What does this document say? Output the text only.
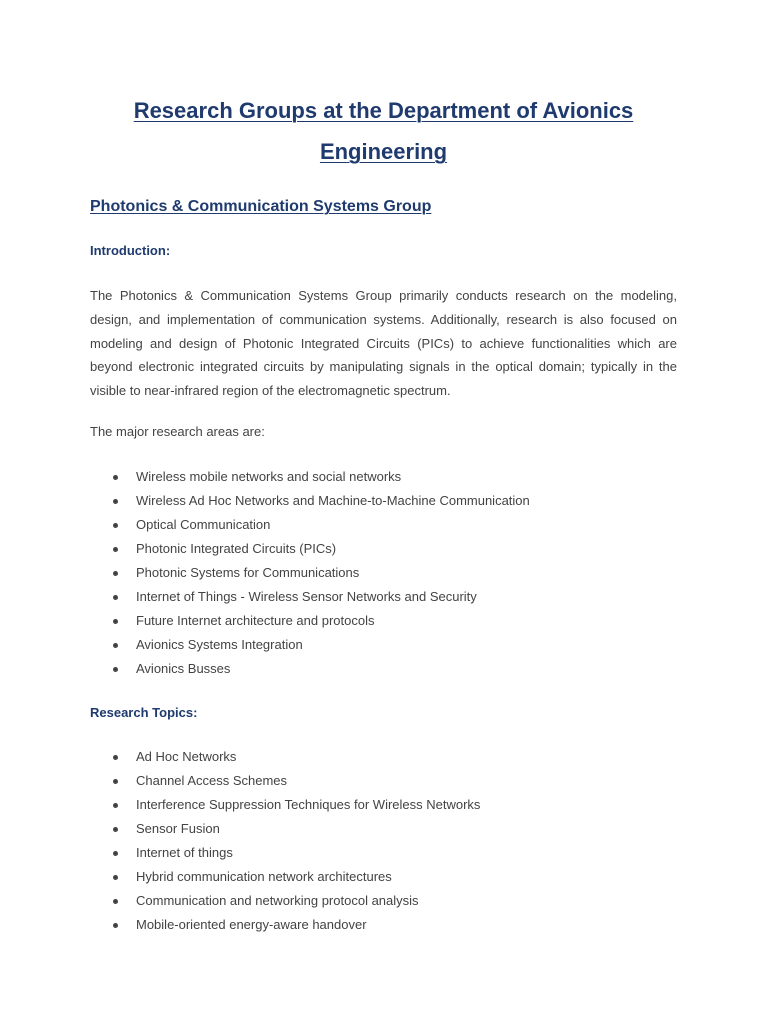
Research Groups at the Department of Avionics
Engineering
Photonics & Communication Systems Group
Introduction:

The Photonics & Communication Systems Group primarily conducts research on the modeling, design, and implementation of communication systems. Additionally, research is also focused on modeling and design of Photonic Integrated Circuits (PICs) to achieve functionalities which are beyond electronic integrated circuits by manipulating signals in the optical domain; typically in the visible to near-infrared region of the electromagnetic spectrum.

The major research areas are:

Wireless mobile networks and social networks
Wireless Ad Hoc Networks and Machine-to-Machine Communication
Optical Communication
Photonic Integrated Circuits (PICs)
Photonic Systems for Communications
Internet of Things - Wireless Sensor Networks and Security
Future Internet architecture and protocols
Avionics Systems Integration
Avionics Busses
Research Topics:
Ad Hoc Networks
Channel Access Schemes
Interference Suppression Techniques for Wireless Networks
Sensor Fusion
Internet of things
Hybrid communication network architectures
Communication and networking protocol analysis
Mobile-oriented energy-aware handover
